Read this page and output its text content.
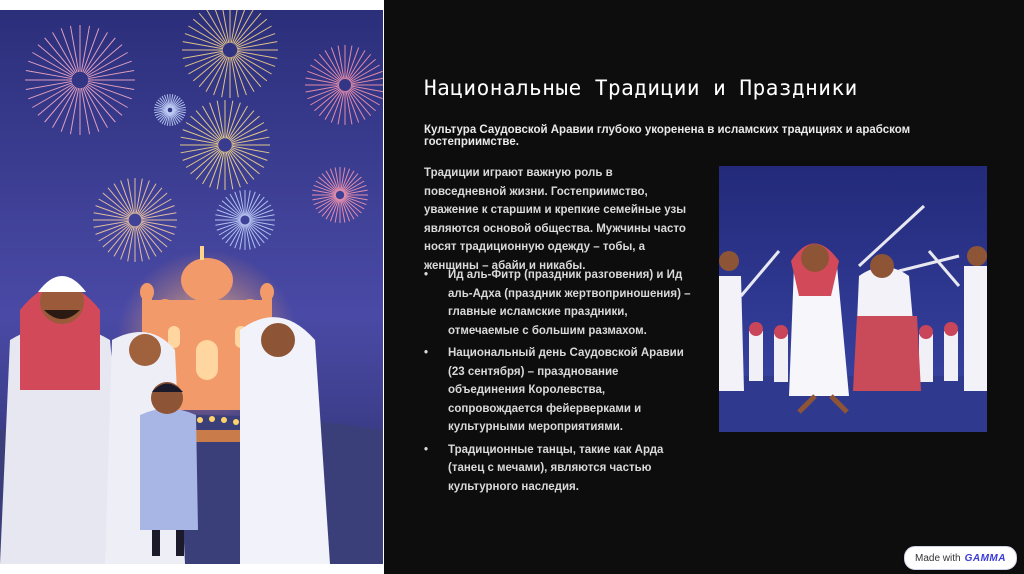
Национальные Традиции и Праздники
Культура Саудовской Аравии глубоко укоренена в исламских традициях и арабском гостеприимстве.
Традиции играют важную роль в повседневной жизни. Гостеприимство, уважение к старшим и крепкие семейные узы являются основой общества. Мужчины часто носят традиционную одежду – тобы, а женщины – абайи и никабы.
• Ид аль-Фитр (праздник разговения) и Ид аль-Адха (праздник жертвоприношения) – главные исламские праздники, отмечаемые с большим размахом.
• Национальный день Саудовской Аравии (23 сентября) – празднование объединения Королевства, сопровождается фейерверками и культурными мероприятиями.
• Традиционные танцы, такие как Арда (танец с мечами), являются частью культурного наследия.
Made with GAMMA
